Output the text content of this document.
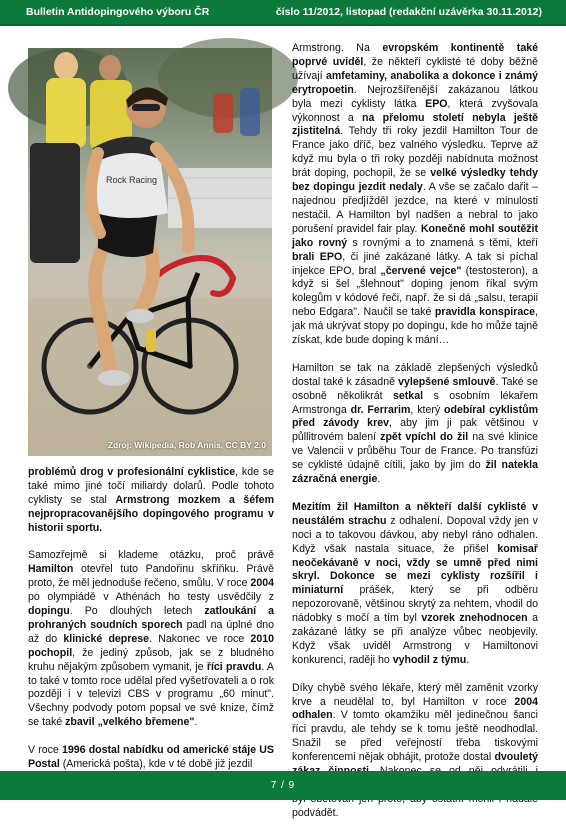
Bulletin Antidopingového výboru ČR	číslo 11/2012, listopad (redakční uzávěrka 30.11.2012)
Rock Racing
Zdroj: Wikipedia, Rob Annis, CC BY 2.0

problémů drog v profesionální cyklistice, kde se také mimo jiné točí miliardy dolarů. Podle tohoto cyklisty se stal Armstrong mozkem a šéfem nejpropracovanějšího dopingového programu v historii sportu.

Samozřejmě si klademe otázku, proč právě Hamilton otevřel tuto Pandořinu skříňku. Právě proto, že měl jednoduše řečeno, smůlu. V roce 2004 po olympiádě v Athénách ho testy usvědčily z dopingu. Po dlouhých letech zatloukání a prohraných soudních sporech padl na úplné dno až do klinické deprese. Nakonec ve roce 2010 pochopil, že jediný způsob, jak se z bludného kruhu nějakým způsobem vymanit, je říci pravdu. A to také v tomto roce udělal před vyšetřovateli a o rok později i v televizi CBS v programu „60 minut". Všechny podvody potom popsal ve své knize, čímž se také zbavil „velkého břemene".

V roce 1996 dostal nabídku od americké stáje US Postal (Americká pošta), kde v té době již jezdil

Armstrong. Na evropském kontinentě také poprvé uviděl, že někteří cyklisté té doby běžně užívají amfetaminy, anabolika a dokonce i známý erytropoetin. Nejrozšířenější zakázanou látkou byla mezi cyklisty látka EPO, která zvyšovala výkonnost a na přelomu století nebyla ještě zjistitelná. Tehdy tři roky jezdil Hamilton Tour de France jako dříč, bez valného výsledku. Teprve až když mu byla o tři roky později nabídnuta možnost brát doping, pochopil, že se velké výsledky tehdy bez dopingu jezdit nedaly. A vše se začalo dařit – najednou předjížděl jezdce, na které v minulosti nestačil. A Hamilton byl nadšen a nebral to jako porušení pravidel fair play. Konečně mohl soutěžit jako rovný s rovnými a to znamená s těmi, kteří brali EPO, či jiné zakázané látky. A tak si píchal injekce EPO, bral „červené vejce" (testosteron), a když si šel „šlehnout" doping jenom říkal svým kolegům v kódové řeči, např. že si dá „salsu, terapii nebo Edgara". Naučil se také pravidla konspirace, jak má ukrývat stopy po dopingu, kde ho může tajně získat, kde bude doping k mání…

Hamilton se tak na základě zlepšených výsledků dostal také k zásadně vylepšené smlouvě. Také se osobně několikrát setkal s osobním lékařem Armstronga dr. Ferrarim, který odebíral cyklistům před závody krev, aby jim ji pak většinou v půllitrovém balení zpět vpíchl do žil na své klinice ve Valencii v průběhu Tour de France. Po transfúzi se cyklisté údajně cítili, jako by jim do žil natekla zázračná energie.

Mezitím žil Hamilton a někteří další cyklisté v neustálém strachu z odhalení. Dopoval vždy jen v noci a to takovou dávkou, aby nebyl ráno odhalen. Když však nastala situace, že přišel komisař neočekávaně v noci, vždy se umně před nimi skryl. Dokonce se mezi cyklisty rozšířil i miniaturní prášek, který se při odběru nepozorovaně, většinou skrytý za nehtem, vhodil do nádobky s močí a tím byl vzorek znehodnocen a zakázané látky se při analýze vůbec neobjevily. Když však uviděl Armstrong v Hamiltonovi konkurenci, raději ho vyhodil z týmu.

Díky chybě svého lékaře, který měl zaměnit vzorky krve a neudělal to, byl Hamilton v roce 2004 odhalen. V tomto okamžiku měl jedinečnou šanci říci pravdu, ale tehdy se k tomu ještě neodhodlal. Snažil se před veřejností třeba tiskovými konferencemi nějak obhájit, protože dostal dvouletý podvádět.

7 / 9
